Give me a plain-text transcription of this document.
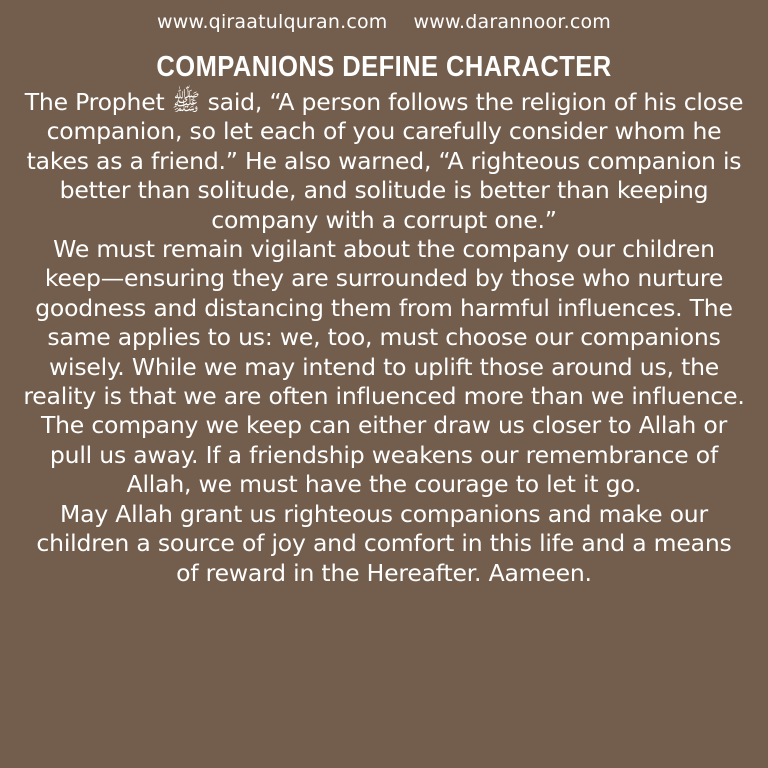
www.qiraatulquran.com www.darannoor.com
COMPANIONS DEFINE CHARACTER

The Prophet ﷺ said, “A person follows the religion of his close companion, so let each of you carefully consider whom he takes as a friend.” He also warned, “A righteous companion is better than solitude, and solitude is better than keeping company with a corrupt one.”

We must remain vigilant about the company our children keep—ensuring they are surrounded by those who nurture goodness and distancing them from harmful influences. The same applies to us: we, too, must choose our companions wisely. While we may intend to uplift those around us, the reality is that we are often influenced more than we influence. The company we keep can either draw us closer to Allah or pull us away. If a friendship weakens our remembrance of Allah, we must have the courage to let it go.

May Allah grant us righteous companions and make our children a source of joy and comfort in this life and a means of reward in the Hereafter. Aameen.
